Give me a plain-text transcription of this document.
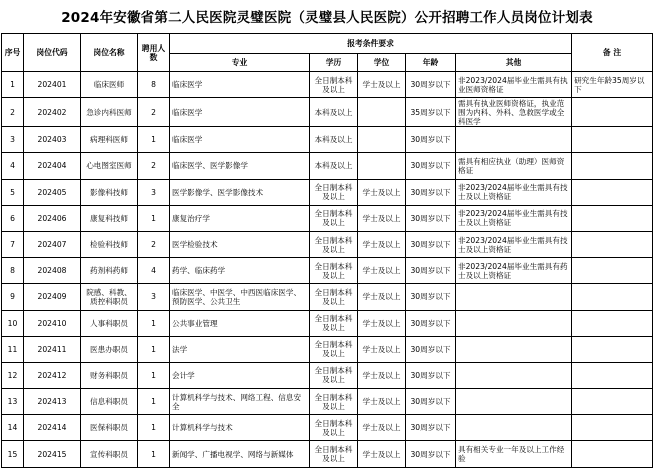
2024年安徽省第二人民医院灵璧医院（灵璧县人民医院）公开招聘工作人员岗位计划表
序号	岗位代码	岗位名称	聘用人数	报考条件要求					备 注
				专业	学历	学位	年龄	其他	
1	202401	临床医师	8	临床医学	全日制本科及以上	学士及以上	30周岁以下	非2023/2024届毕业生需具有执业医师资格证	研究生年龄35周岁以下
2	202402	急诊内科医师	2	临床医学	本科及以上		35周岁以下	需具有执业医师资格证，执业范围为内科、外科、急救医学或全科医学	
3	202403	病理科医师	1	临床医学	本科及以上		30周岁以下		
4	202404	心电图室医师	2	临床医学、医学影像学	本科及以上		30周岁以下	需具有相应执业（助理）医师资格证	
5	202405	影像科技师	3	医学影像学、医学影像技术	全日制本科及以上	学士及以上	30周岁以下	非2023/2024届毕业生需具有技士及以上资格证	
6	202406	康复科技师	1	康复治疗学	全日制本科及以上	学士及以上	30周岁以下	非2023/2024届毕业生需具有技士及以上资格证	
7	202407	检验科技师	2	医学检验技术	全日制本科及以上	学士及以上	30周岁以下	非2023/2024届毕业生需具有技士及以上资格证	
8	202408	药剂科药师	4	药学、临床药学	全日制本科及以上	学士及以上	30周岁以下	非2023/2024届毕业生需具有药士及以上资格证	
9	202409	院感、科教、质控科职员	3	临床医学、中医学、中西医临床医学、预防医学、公共卫生	全日制本科及以上	学士及以上	30周岁以下		
10	202410	人事科职员	1	公共事业管理	全日制本科及以上	学士及以上	30周岁以下		
11	202411	医患办职员	1	法学	全日制本科及以上	学士及以上	30周岁以下		
12	202412	财务科职员	1	会计学	全日制本科及以上	学士及以上	30周岁以下		
13	202413	信息科职员	1	计算机科学与技术、网络工程、信息安全	全日制本科及以上	学士及以上	30周岁以下		
14	202414	医保科职员	1	计算机科学与技术	全日制本科及以上	学士及以上	30周岁以下		
15	202415	宣传科职员	1	新闻学、广播电视学、网络与新媒体	全日制本科及以上	学士及以上	30周岁以下	具有相关专业一年及以上工作经验	
